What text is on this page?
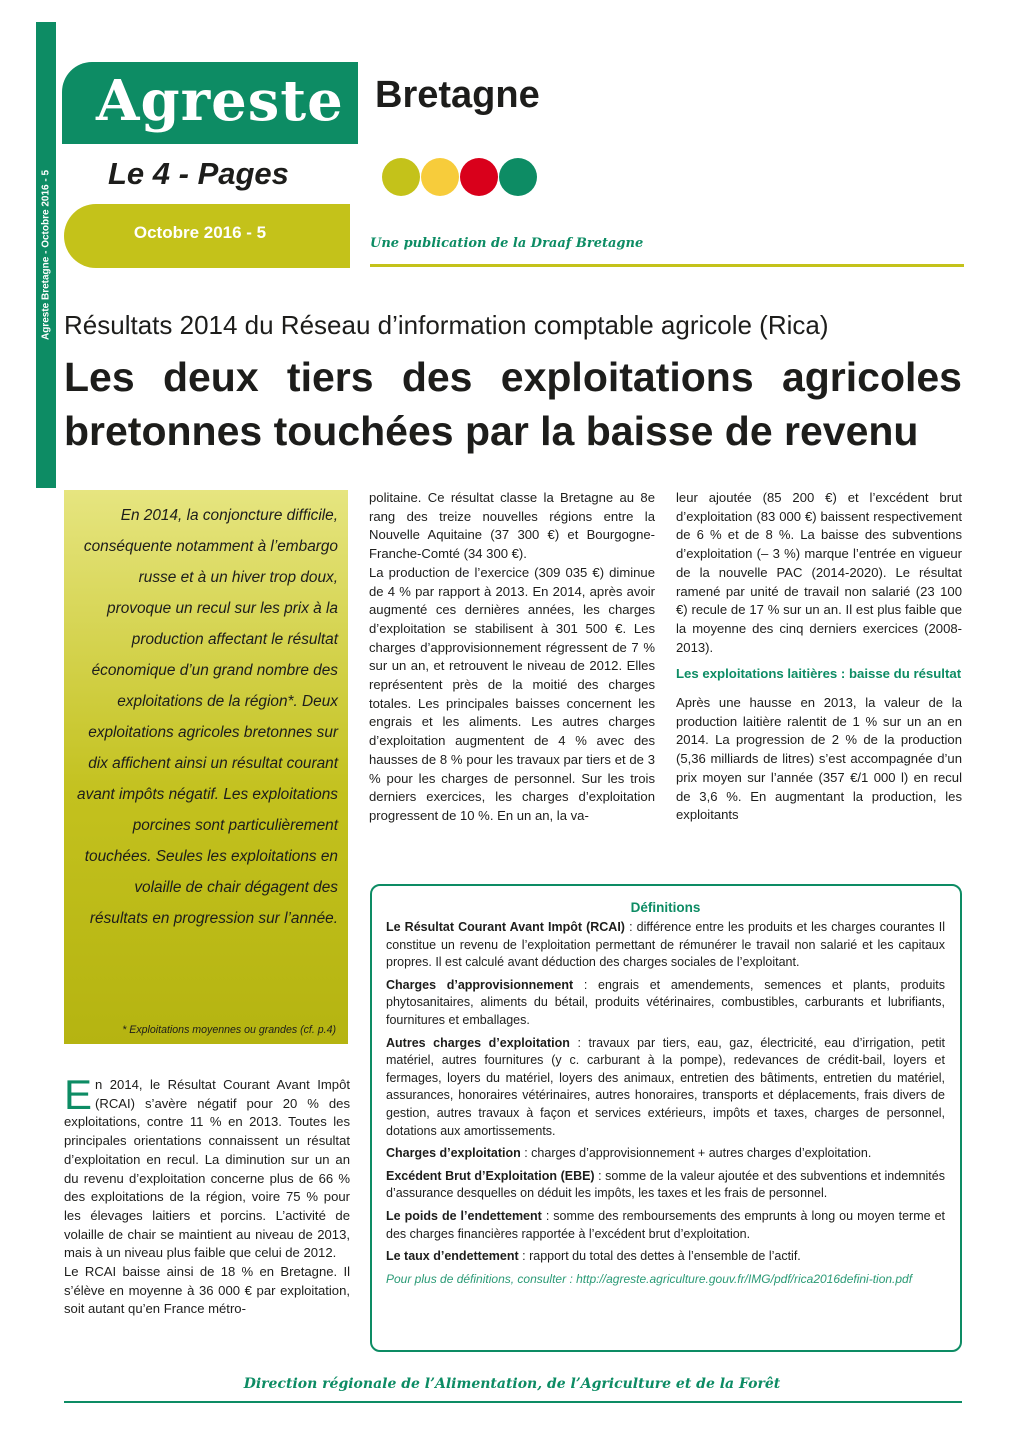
Agreste Bretagne - Octobre 2016 - 5
Agreste Bretagne
Le 4 - Pages
Octobre 2016 - 5
Une publication de la Draaf Bretagne
Résultats 2014 du Réseau d’information comptable agricole (Rica)
Les deux tiers des exploitations agricoles bretonnes touchées par la baisse de revenu
En 2014, la conjoncture difficile, conséquente notamment à l’embargo russe et à un hiver trop doux, provoque un recul sur les prix à la production affectant le résultat économique d’un grand nombre des exploitations de la région*. Deux exploitations agricoles bretonnes sur dix affichent ainsi un résultat courant avant impôts négatif. Les exploitations porcines sont particulièrement touchées. Seules les exploitations en volaille de chair dégagent des résultats en progression sur l’année.
* Exploitations moyennes ou grandes (cf. p.4)

En 2014, le Résultat Courant Avant Impôt (RCAI) s’avère négatif pour 20 % des exploitations, contre 11 % en 2013. Toutes les principales orientations connaissent un résultat d’exploitation en recul. La diminution sur un an du revenu d’exploitation concerne plus de 66 % des exploitations de la région, voire 75 % pour les élevages laitiers et porcins. L’activité de volaille de chair se maintient au niveau de 2013, mais à un niveau plus faible que celui de 2012.

Le RCAI baisse ainsi de 18 % en Bretagne. Il s’élève en moyenne à 36 000 € par exploitation, soit autant qu’en France métro-

politaine. Ce résultat classe la Bretagne au 8e rang des treize nouvelles régions entre la Nouvelle Aquitaine (37 300 €) et Bourgogne-Franche-Comté (34 300 €).

La production de l’exercice (309 035 €) diminue de 4 % par rapport à 2013. En 2014, après avoir augmenté ces dernières années, les charges d’exploitation se stabilisent à 301 500 €. Les charges d’approvisionnement régressent de 7 % sur un an, et retrouvent le niveau de 2012. Elles représentent près de la moitié des charges totales. Les principales baisses concernent les engrais et les aliments. Les autres charges d’exploitation augmentent de 4 % avec des hausses de 8 % pour les travaux par tiers et de 3 % pour les charges de personnel. Sur les trois derniers exercices, les charges d’exploitation progressent de 10 %. En un an, la va-

leur ajoutée (85 200 €) et l’excédent brut d’exploitation (83 000 €) baissent respectivement de 6 % et de 8 %. La baisse des subventions d’exploitation (– 3 %) marque l’entrée en vigueur de la nouvelle PAC (2014-2020). Le résultat ramené par unité de travail non salarié (23 100 €) recule de 17 % sur un an. Il est plus faible que la moyenne des cinq derniers exercices (2008-2013).

Les exploitations laitières : baisse du résultat

Après une hausse en 2013, la valeur de la production laitière ralentit de 1 % sur un an en 2014. La progression de 2 % de la production (5,36 milliards de litres) s’est accompagnée d’un prix moyen sur l’année (357 €/1 000 l) en recul de 3,6 %. En augmentant la production, les exploitants

Définitions

Le Résultat Courant Avant Impôt (RCAI) : différence entre les produits et les charges courantes Il constitue un revenu de l’exploitation permettant de rémunérer le travail non salarié et les capitaux propres. Il est calculé avant déduction des charges sociales de l’exploitant.

Charges d’approvisionnement : engrais et amendements, semences et plants, produits phytosanitaires, aliments du bétail, produits vétérinaires, combustibles, carburants et lubrifiants, fournitures et emballages.

Autres charges d’exploitation : travaux par tiers, eau, gaz, électricité, eau d’irrigation, petit matériel, autres fournitures (y c. carburant à la pompe), redevances de crédit-bail, loyers et fermages, loyers du matériel, loyers des animaux, entretien des bâtiments, entretien du matériel, assurances, honoraires vétérinaires, autres honoraires, transports et déplacements, frais divers de gestion, autres travaux à façon et services extérieurs, impôts et taxes, charges de personnel, dotations aux amortissements.

Charges d’exploitation : charges d’approvisionnement + autres charges d’exploitation.

Excédent Brut d’Exploitation (EBE) : somme de la valeur ajoutée et des subventions et indemnités d’assurance desquelles on déduit les impôts, les taxes et les frais de personnel.

Le poids de l’endettement : somme des remboursements des emprunts à long ou moyen terme et des charges financières rapportée à l’excédent brut d’exploitation.

Le taux d’endettement : rapport du total des dettes à l’ensemble de l’actif.

Pour plus de définitions, consulter : http://agreste.agriculture.gouv.fr/IMG/pdf/rica2016defini-tion.pdf
Direction régionale de l’Alimentation, de l’Agriculture et de la Forêt
